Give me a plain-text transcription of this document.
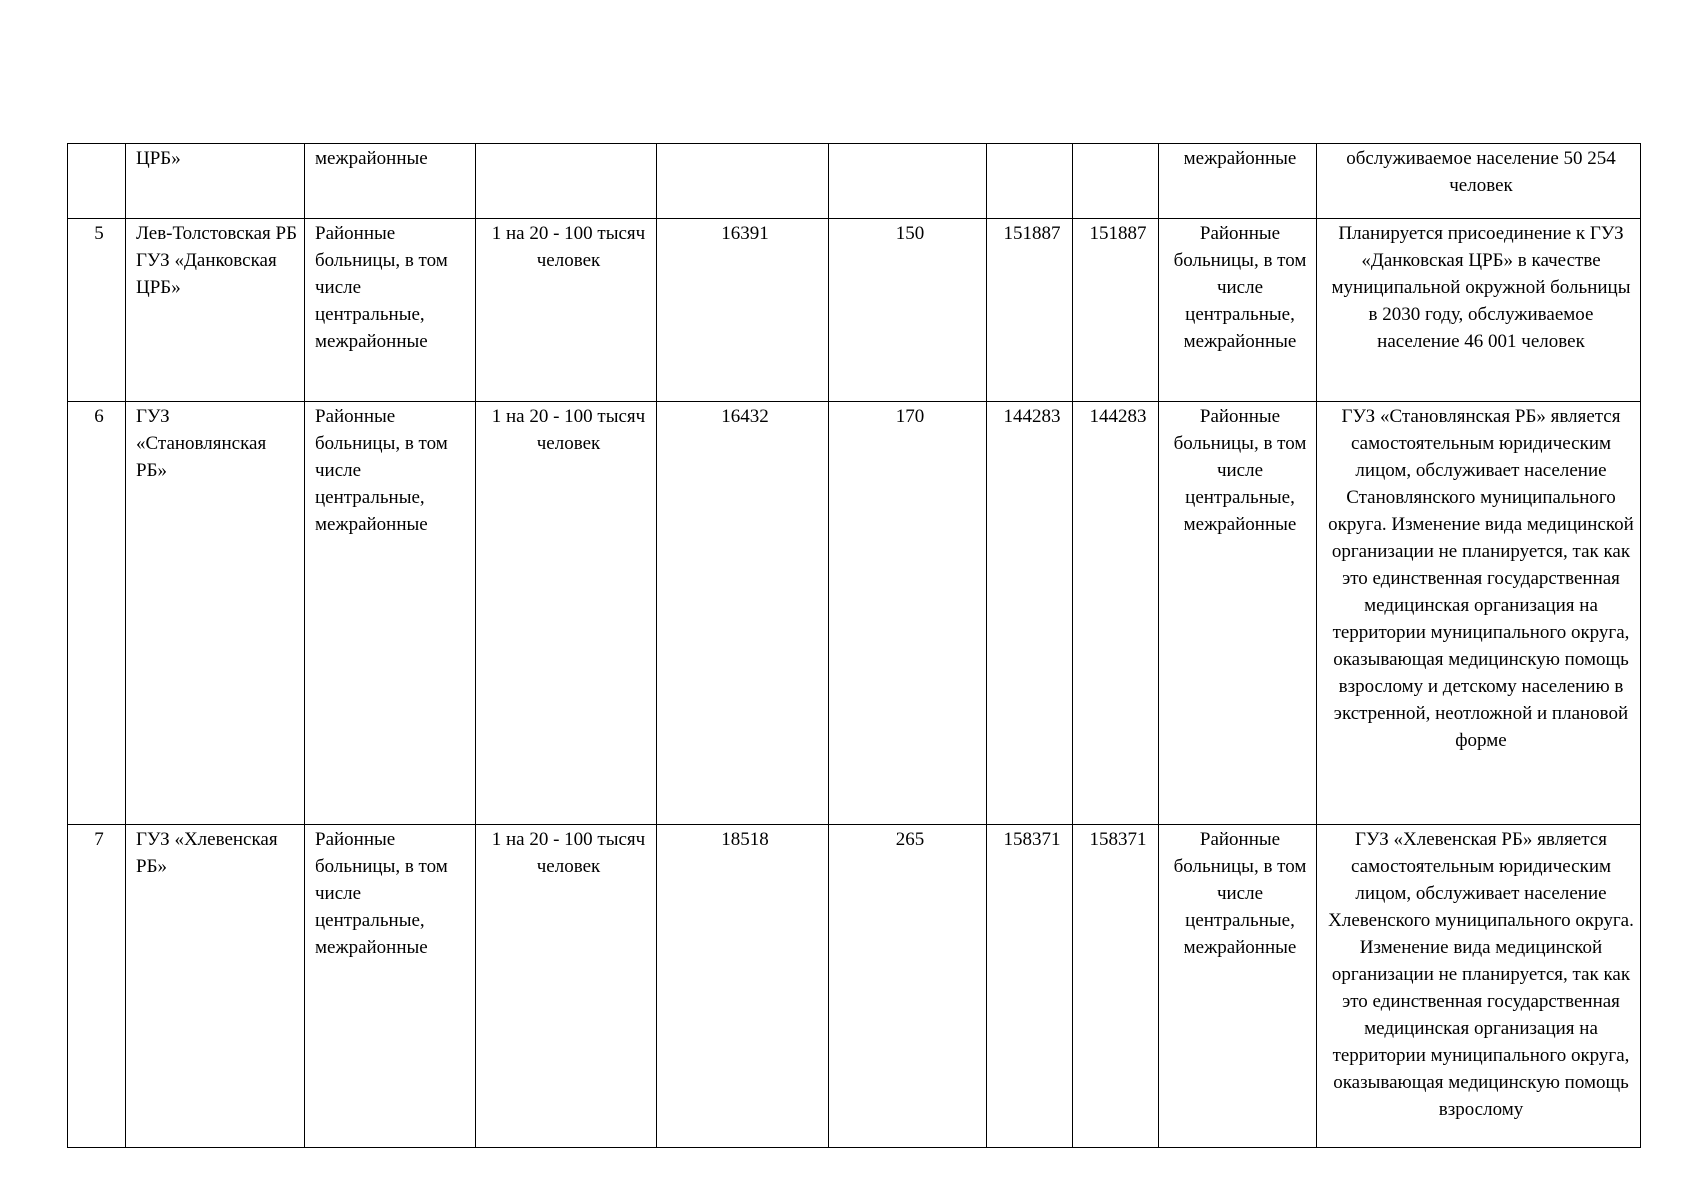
	ЦРБ»	межрайонные						межрайонные	обслуживаемое население 50 254 человек
5	Лев-Толстовская РБ ГУЗ «Данковская ЦРБ»	Районные больницы, в том числе центральные, межрайонные	1 на 20 - 100 тысяч человек	16391	150	151887	151887	Районные больницы, в том числе центральные, межрайонные	Планируется присоединение к ГУЗ «Данковская ЦРБ» в качестве муниципальной окружной больницы в 2030 году, обслуживаемое население 46 001 человек
6	ГУЗ «Становлянская РБ»	Районные больницы, в том числе центральные, межрайонные	1 на 20 - 100 тысяч человек	16432	170	144283	144283	Районные больницы, в том числе центральные, межрайонные	ГУЗ «Становлянская РБ» является самостоятельным юридическим лицом, обслуживает население Становлянского муниципального округа. Изменение вида медицинской организации не планируется, так как это единственная государственная медицинская организация на территории муниципального округа, оказывающая медицинскую помощь взрослому и детскому населению в экстренной, неотложной и плановой форме
7	ГУЗ «Хлевенская РБ»	Районные больницы, в том числе центральные, межрайонные	1 на 20 - 100 тысяч человек	18518	265	158371	158371	Районные больницы, в том числе центральные, межрайонные	ГУЗ «Хлевенская РБ» является самостоятельным юридическим лицом, обслуживает население Хлевенского муниципального округа. Изменение вида медицинской организации не планируется, так как это единственная государственная медицинская организация на территории муниципального округа, оказывающая медицинскую помощь взрослому
